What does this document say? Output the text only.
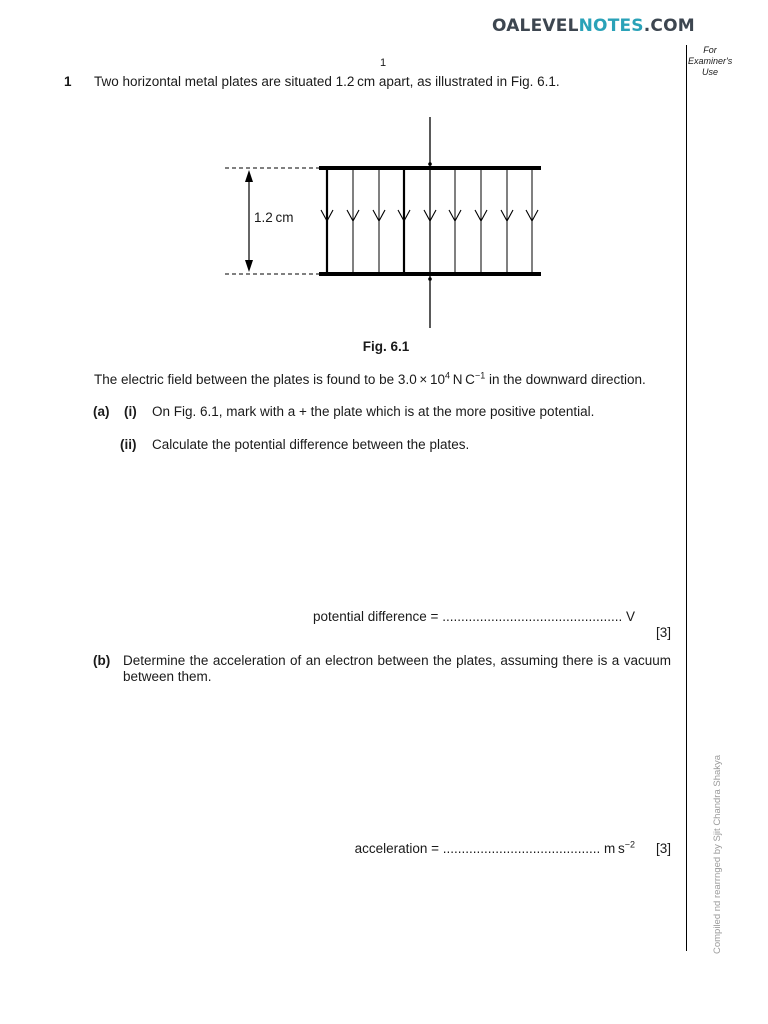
OALEVELNOTES.COM
1
For
Examiner's
Use
Compiled nd rearrnged by Sjit Chandra Shakya
1 Two horizontal metal plates are situated 1.2 cm apart, as illustrated in Fig. 6.1.
1.2 cm
Fig. 6.1
The electric field between the plates is found to be $3.0 \times 10^4$ N $C^{-1}$ in the downward direction.
(a) (i) On Fig. 6.1, mark with a + the plate which is at the more positive potential.
(ii) Calculate the potential difference between the plates.
potential difference = ................................................ V
[3]
(b) Determine the acceleration of an electron between the plates, assuming there is a vacuum between them.
acceleration = .......................................... m $s^{-2}$ [3]
